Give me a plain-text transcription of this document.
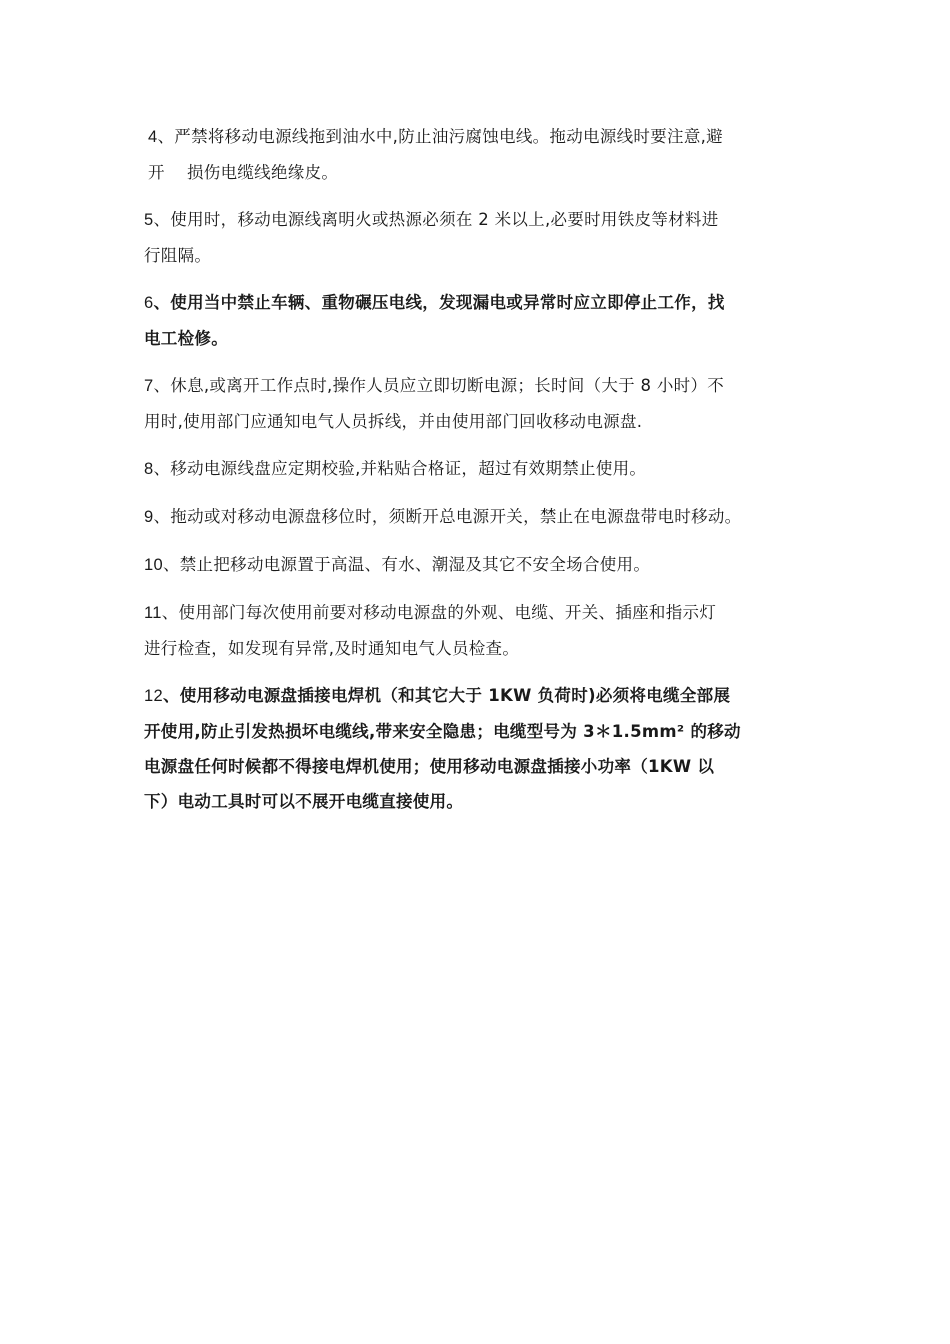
4、严禁将移动电源线拖到油水中,防止油污腐蚀电线。拖动电源线时要注意,避
开    损伤电缆线绝缘皮。
5、使用时，移动电源线离明火或热源必须在 2 米以上,必要时用铁皮等材料进
行阻隔。
6、使用当中禁止车辆、重物碾压电线，发现漏电或异常时应立即停止工作，找
电工检修。
7、休息,或离开工作点时,操作人员应立即切断电源；长时间（大于 8 小时）不
用时,使用部门应通知电气人员拆线，并由使用部门回收移动电源盘.
8、移动电源线盘应定期校验,并粘贴合格证，超过有效期禁止使用。
9、拖动或对移动电源盘移位时，须断开总电源开关，禁止在电源盘带电时移动。
10、禁止把移动电源置于高温、有水、潮湿及其它不安全场合使用。
11、使用部门每次使用前要对移动电源盘的外观、电缆、开关、插座和指示灯
进行检查，如发现有异常,及时通知电气人员检查。
12、使用移动电源盘插接电焊机（和其它大于 1KW 负荷时)必须将电缆全部展
开使用,防止引发热损坏电缆线,带来安全隐患；电缆型号为 3＊1.5mm² 的移动
电源盘任何时候都不得接电焊机使用；使用移动电源盘插接小功率（1KW 以
下）电动工具时可以不展开电缆直接使用。
